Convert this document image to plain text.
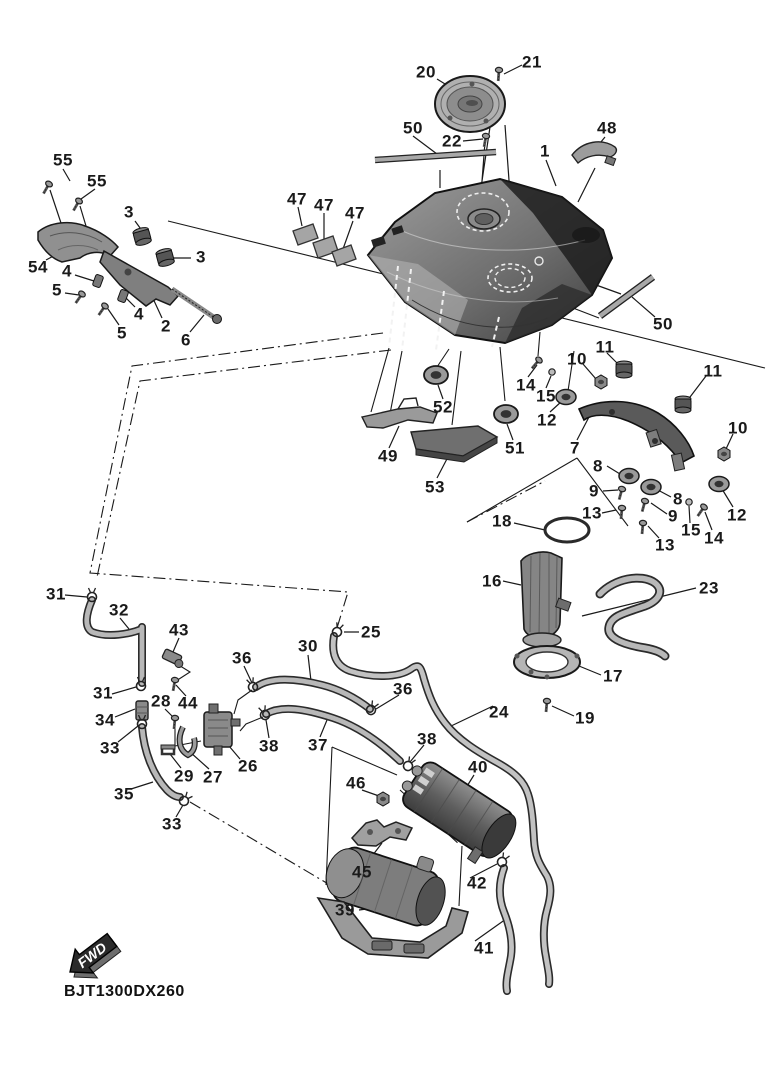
FWD
20
21
50
22
1
48
55
55
3
3
54 4
5
4
5 2
6
47 47 47
50
52
14
15
10
11
11
12	10
7
49	51
53
8
9
13
8
9
15 14
13
12
18
16	23
17
19
31
32
43	25
36
30
31 28 44
34
36
33	38 37
24
29 27
26
38
40
35
33
46
45
42
39
41
BJT1300DX260
